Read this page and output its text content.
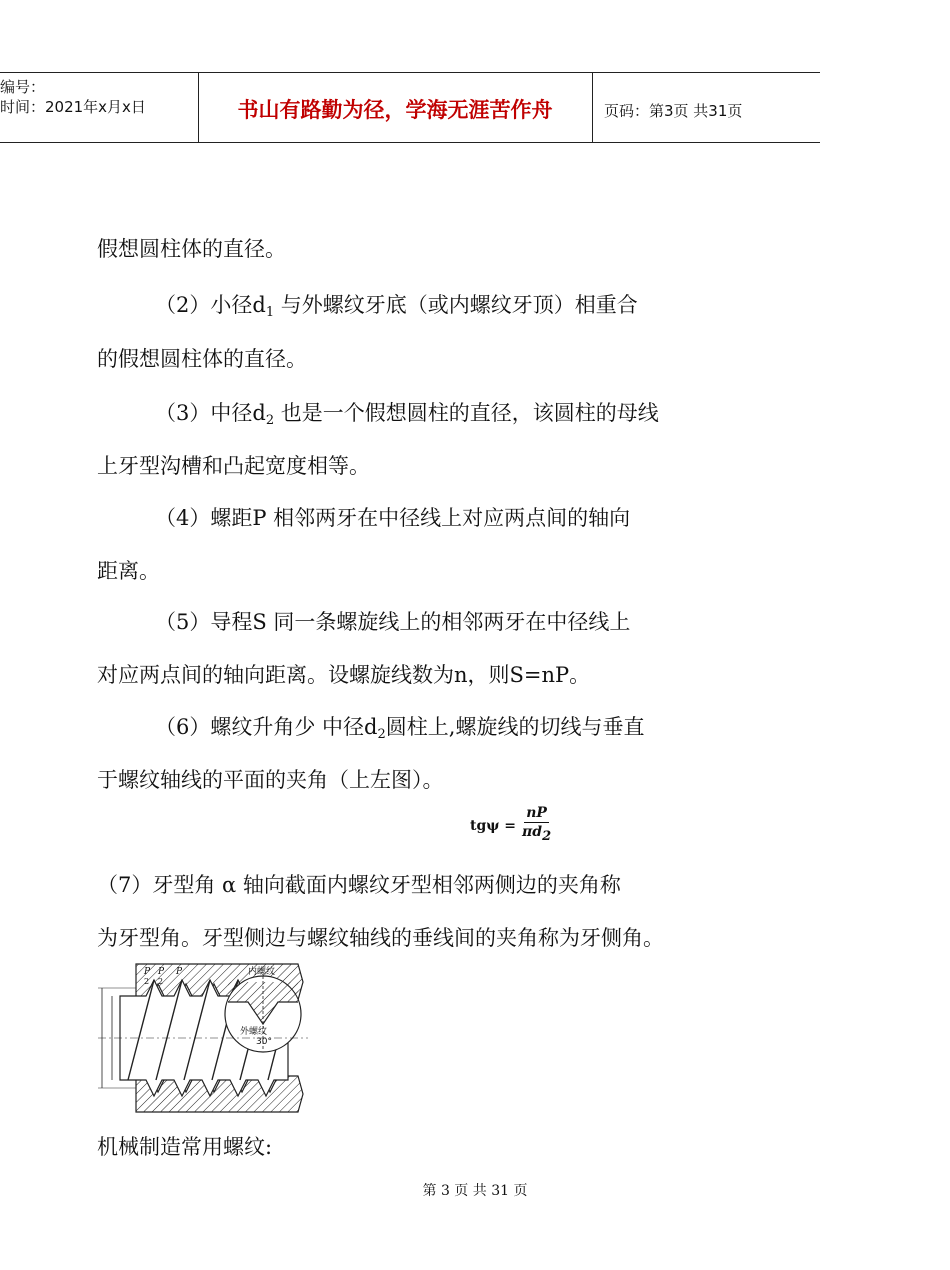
编号：
时间：2021年x月x日	书山有路勤为径，学海无涯苦作舟	页码：第3页 共31页
假想圆柱体的直径。
（2）小径$d_1$ 与外螺纹牙底（或内螺纹牙顶）相重合
的假想圆柱体的直径。
（3）中径$d_2$ 也是一个假想圆柱的直径，该圆柱的母线
上牙型沟槽和凸起宽度相等。
（4）螺距P 相邻两牙在中径线上对应两点间的轴向
距离。
（5）导程S 同一条螺旋线上的相邻两牙在中径线上
对应两点间的轴向距离。设螺旋线数为n，则S=nP。
（6）螺纹升角少 中径$d_2$圆柱上,螺旋线的切线与垂直
于螺纹轴线的平面的夹角（上左图）。
$tg\psi = \frac{nP}{\pi d_2}$
（7）牙型角 α 轴向截面内螺纹牙型相邻两侧边的夹角称
为牙型角。牙型侧边与螺纹轴线的垂线间的夹角称为牙侧角。
内螺纹
外螺纹
30°
P
2
P
2
P
机械制造常用螺纹:
第 3 页 共 31 页
